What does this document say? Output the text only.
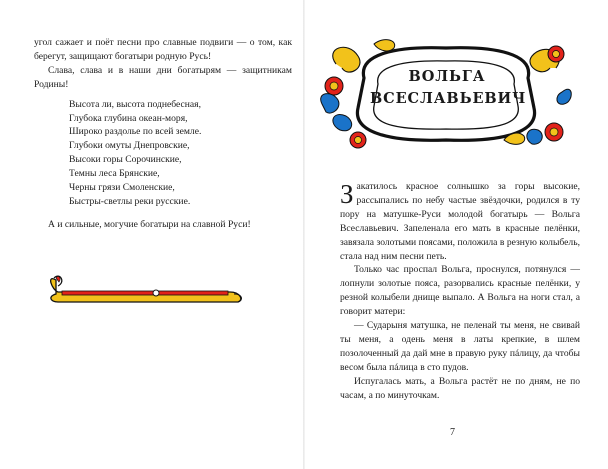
угол сажает и поёт песни про славные подвиги — о том, как берегут, защищают богатыри родную Русь!

Слава, слава и в наши дни богатырям — защитникам Родины!

Высота ли, высота поднебесная,
Глубока глубина океан-моря,
Широко раздолье по всей земле.
Глубоки омуты Днепровские,
Высоки горы Сорочинские,
Темны леса Брянские,
Черны грязи Смоленские,
Быстры-светлы реки русские.

А и сильные, могучие богатыри на славной Руси!

ВОЛЬГА
ВСЕСЛАВЬЕВИЧ

Закатилось красное солнышко за горы высокие, рассыпались по небу частые звёздочки, родился в ту пору на матушке-Руси молодой богатырь — Вольга Всеславьевич. Запеленала его мать в красные пелёнки, завязала золотыми поясами, положила в резную колыбель, стала над ним песни петь.

Только час проспал Вольга, проснулся, потянулся — лопнули золотые пояса, разорвались красные пелёнки, у резной колыбели днище выпало. А Вольга на ноги стал, а говорит матери:

— Сударыня матушка, не пеленай ты меня, не свивай ты меня, а одень меня в латы крепкие, в шлем позолоченный да дай мне в правую руку пáлицу, да чтобы весом была пáлица в сто пудов.

Испугалась мать, а Вольга растёт не по дням, не по часам, а по минуточкам.

7
